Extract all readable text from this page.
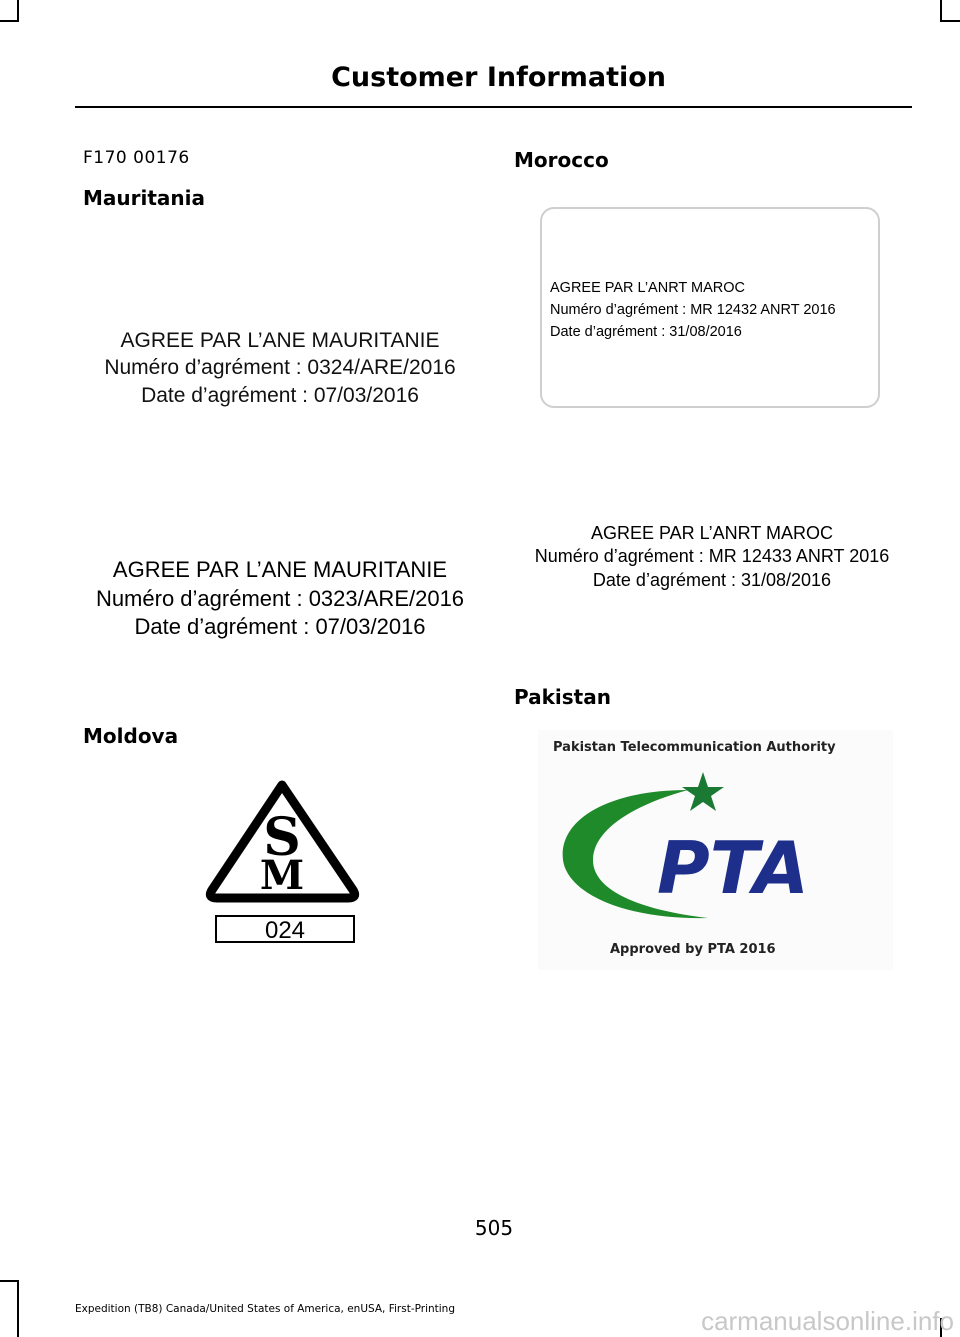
Customer Information
F170 00176
Mauritania
AGREE PAR L’ANE MAURITANIE
Numéro d’agrément : 0324/ARE/2016
Date d’agrément : 07/03/2016
AGREE PAR L’ANE MAURITANIE
Numéro d’agrément : 0323/ARE/2016
Date d’agrément : 07/03/2016
Moldova
S
M
024
Morocco
AGREE PAR L’ANRT MAROC
Numéro d’agrément : MR 12432 ANRT 2016
Date d’agrément : 31/08/2016
AGREE PAR L’ANRT MAROC
Numéro d’agrément : MR 12433 ANRT 2016
Date d’agrément : 31/08/2016
Pakistan
Pakistan Telecommunication Authority
PTA
Approved by PTA 2016
505
Expedition (TB8) Canada/United States of America, enUSA, First-Printing	carmanualsonline.info
